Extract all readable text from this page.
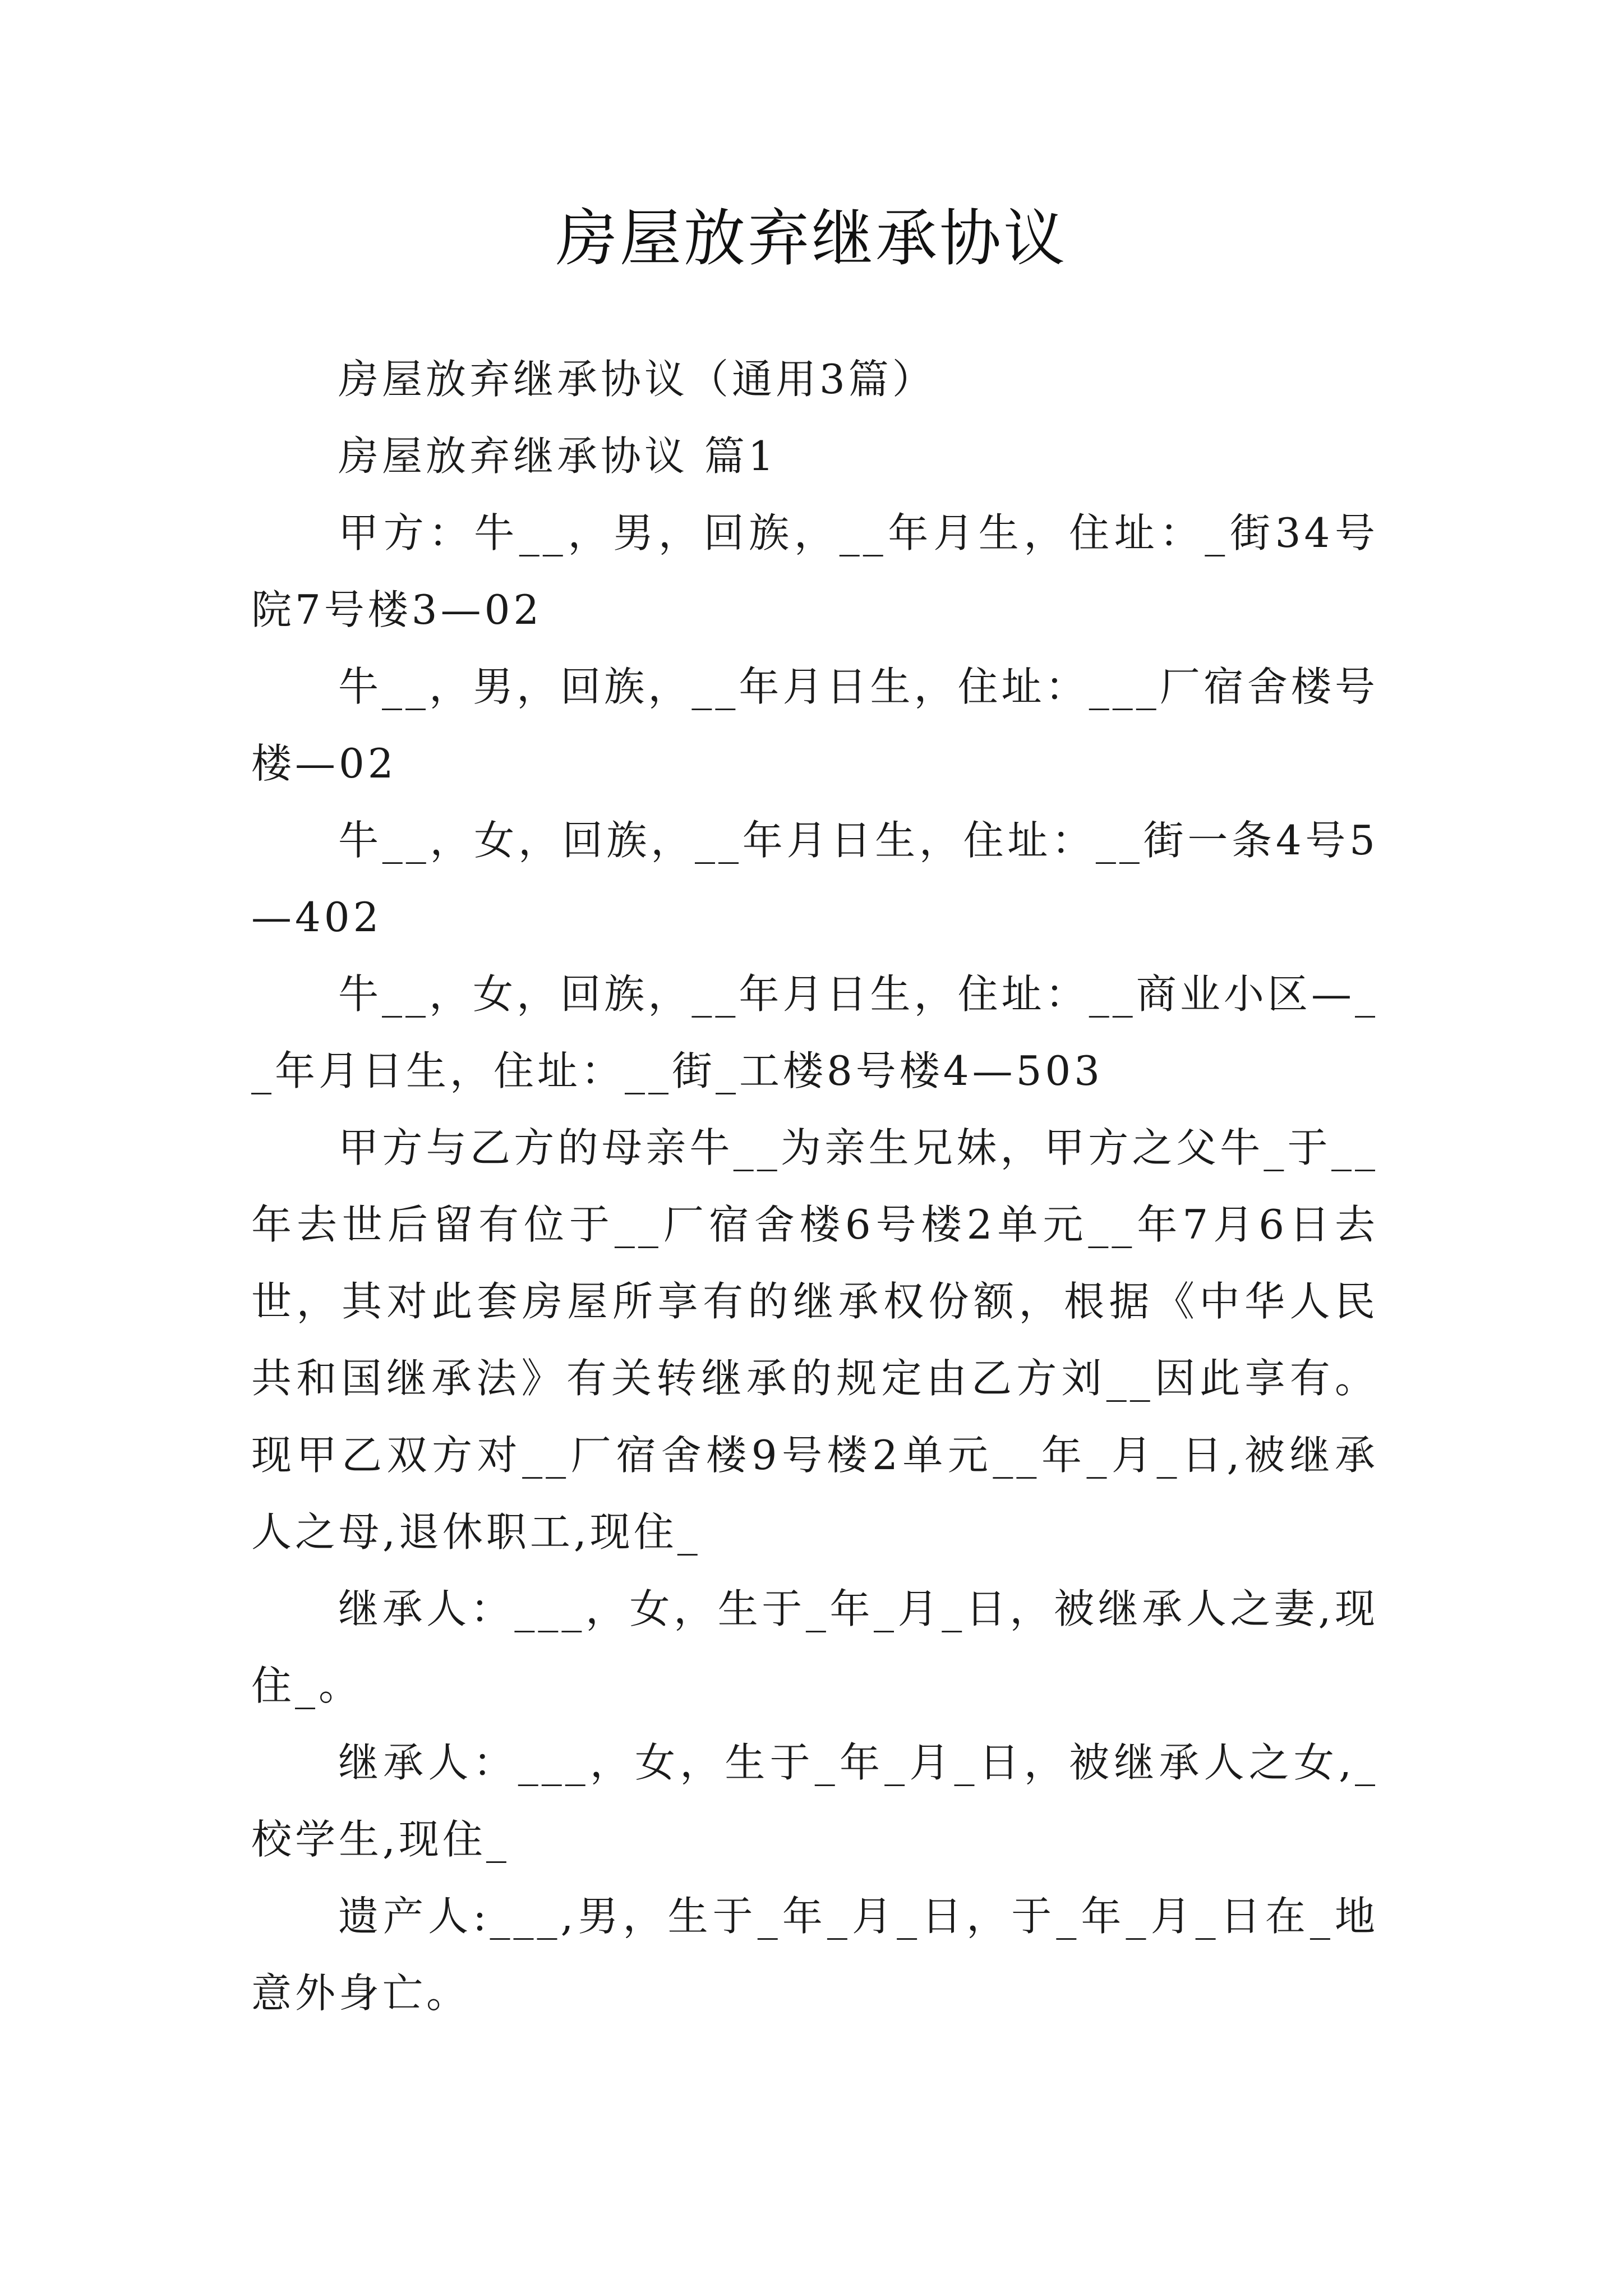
房屋放弃继承协议

房屋放弃继承协议（通用3篇）

房屋放弃继承协议 篇1

甲方：牛__，男，回族，__年月生，住址：_街34号院7号楼3—02

牛__，男，回族，__年月日生，住址：___厂宿舍楼号楼—02

牛__，女，回族，__年月日生，住址：__街一条4号5—402

牛__，女，回族，__年月日生，住址：__商业小区—__年月日生，住址：__街_工楼8号楼4—503

甲方与乙方的母亲牛__为亲生兄妹，甲方之父牛_于__年去世后留有位于__厂宿舍楼6号楼2单元__年7月6日去世，其对此套房屋所享有的继承权份额，根据《中华人民共和国继承法》有关转继承的规定由乙方刘__因此享有。现甲乙双方对__厂宿舍楼9号楼2单元__年_月_日,被继承人之母,退休职工,现住_

继承人：___，女，生于_年_月_日，被继承人之妻,现住_。

继承人：___，女，生于_年_月_日，被继承人之女,_校学生,现住_

遗产人:___,男，生于_年_月_日，于_年_月_日在_地意外身亡。
